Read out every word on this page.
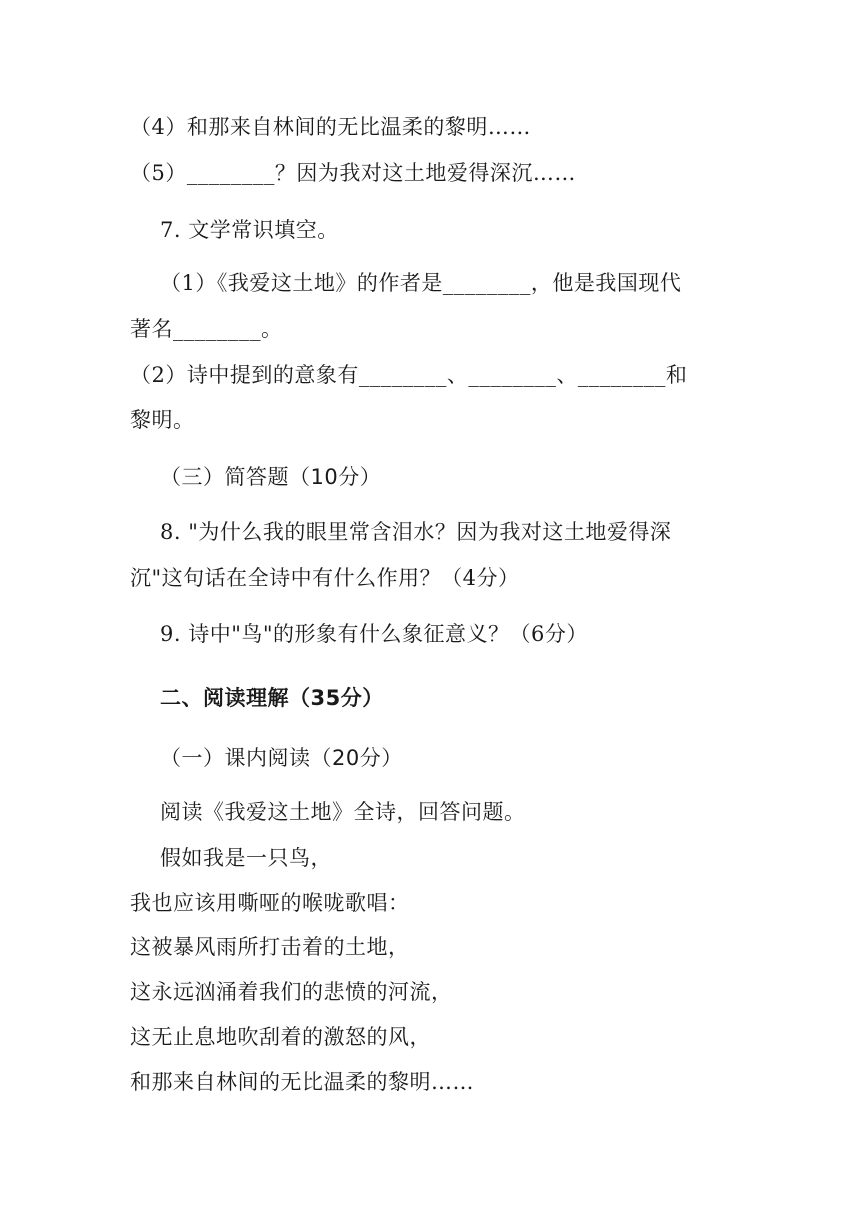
（4）和那来自林间的无比温柔的黎明……
（5）________？因为我对这土地爱得深沉……
7. 文学常识填空。
（1）《我爱这土地》的作者是________，他是我国现代
著名________。
（2）诗中提到的意象有________、________、________和
黎明。
（三）简答题（10分）
8. "为什么我的眼里常含泪水？因为我对这土地爱得深
沉"这句话在全诗中有什么作用？（4分）
9. 诗中"鸟"的形象有什么象征意义？（6分）
二、阅读理解（35分）
（一）课内阅读（20分）
阅读《我爱这土地》全诗，回答问题。
假如我是一只鸟，
我也应该用嘶哑的喉咙歌唱：
这被暴风雨所打击着的土地，
这永远汹涌着我们的悲愤的河流，
这无止息地吹刮着的激怒的风，
和那来自林间的无比温柔的黎明……
